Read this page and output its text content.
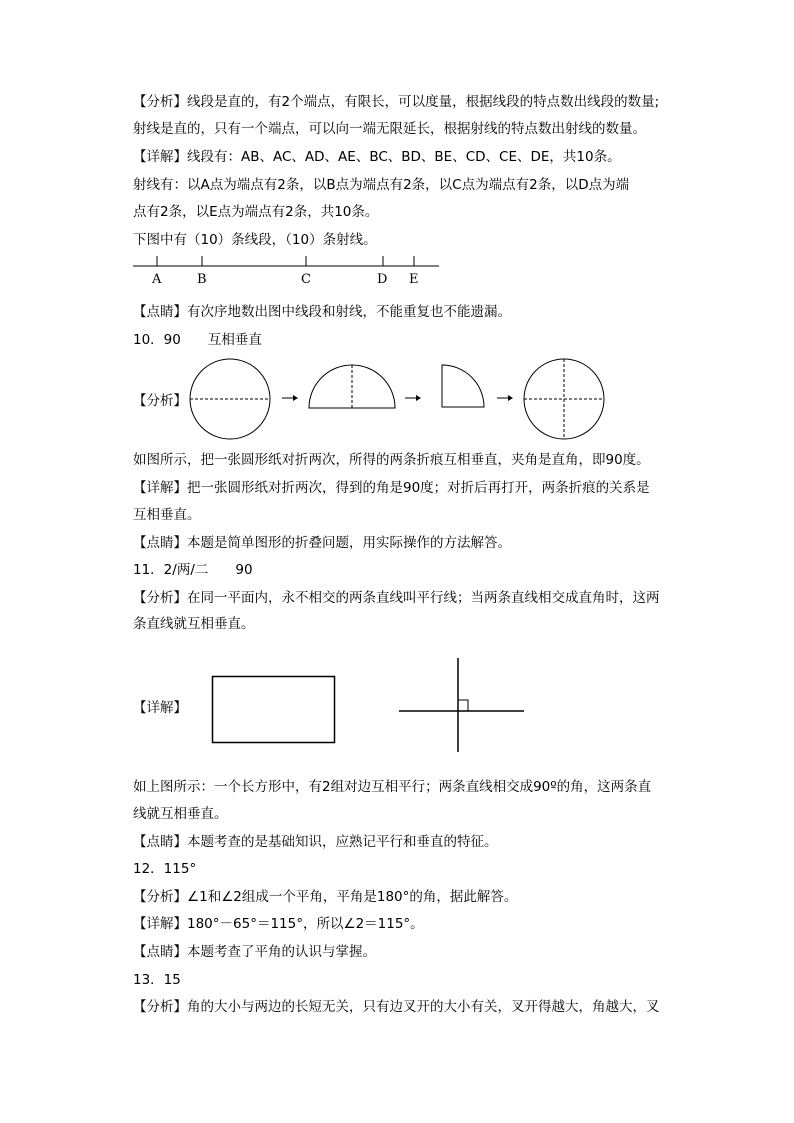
【分析】线段是直的，有2个端点，有限长，可以度量，根据线段的特点数出线段的数量;
射线是直的，只有一个端点，可以向一端无限延长，根据射线的特点数出射线的数量。
【详解】线段有：AB、AC、AD、AE、BC、BD、BE、CD、CE、DE，共10条。
射线有：以A点为端点有2条，以B点为端点有2条，以C点为端点有2条，以D点为端
点有2条，以E点为端点有2条，共10条。
下图中有（10）条线段，（10）条射线。
A	B	C	D E
【点睛】有次序地数出图中线段和射线，不能重复也不能遗漏。
10．90　　互相垂直
【分析】
如图所示，把一张圆形纸对折两次，所得的两条折痕互相垂直，夹角是直角，即90度。
【详解】把一张圆形纸对折两次，得到的角是90度；对折后再打开，两条折痕的关系是
互相垂直。
【点睛】本题是简单图形的折叠问题，用实际操作的方法解答。
11．2/两/二　　90
【分析】在同一平面内，永不相交的两条直线叫平行线；当两条直线相交成直角时，这两
条直线就互相垂直。
【详解】
如上图所示：一个长方形中，有2组对边互相平行；两条直线相交成90º的角，这两条直
线就互相垂直。
【点睛】本题考查的是基础知识，应熟记平行和垂直的特征。
12．115°
【分析】∠1和∠2组成一个平角，平角是180°的角，据此解答。
【详解】180°－65°＝115°，所以∠2＝115°。
【点睛】本题考查了平角的认识与掌握。
13．15
【分析】角的大小与两边的长短无关，只有边叉开的大小有关，叉开得越大，角越大，叉
